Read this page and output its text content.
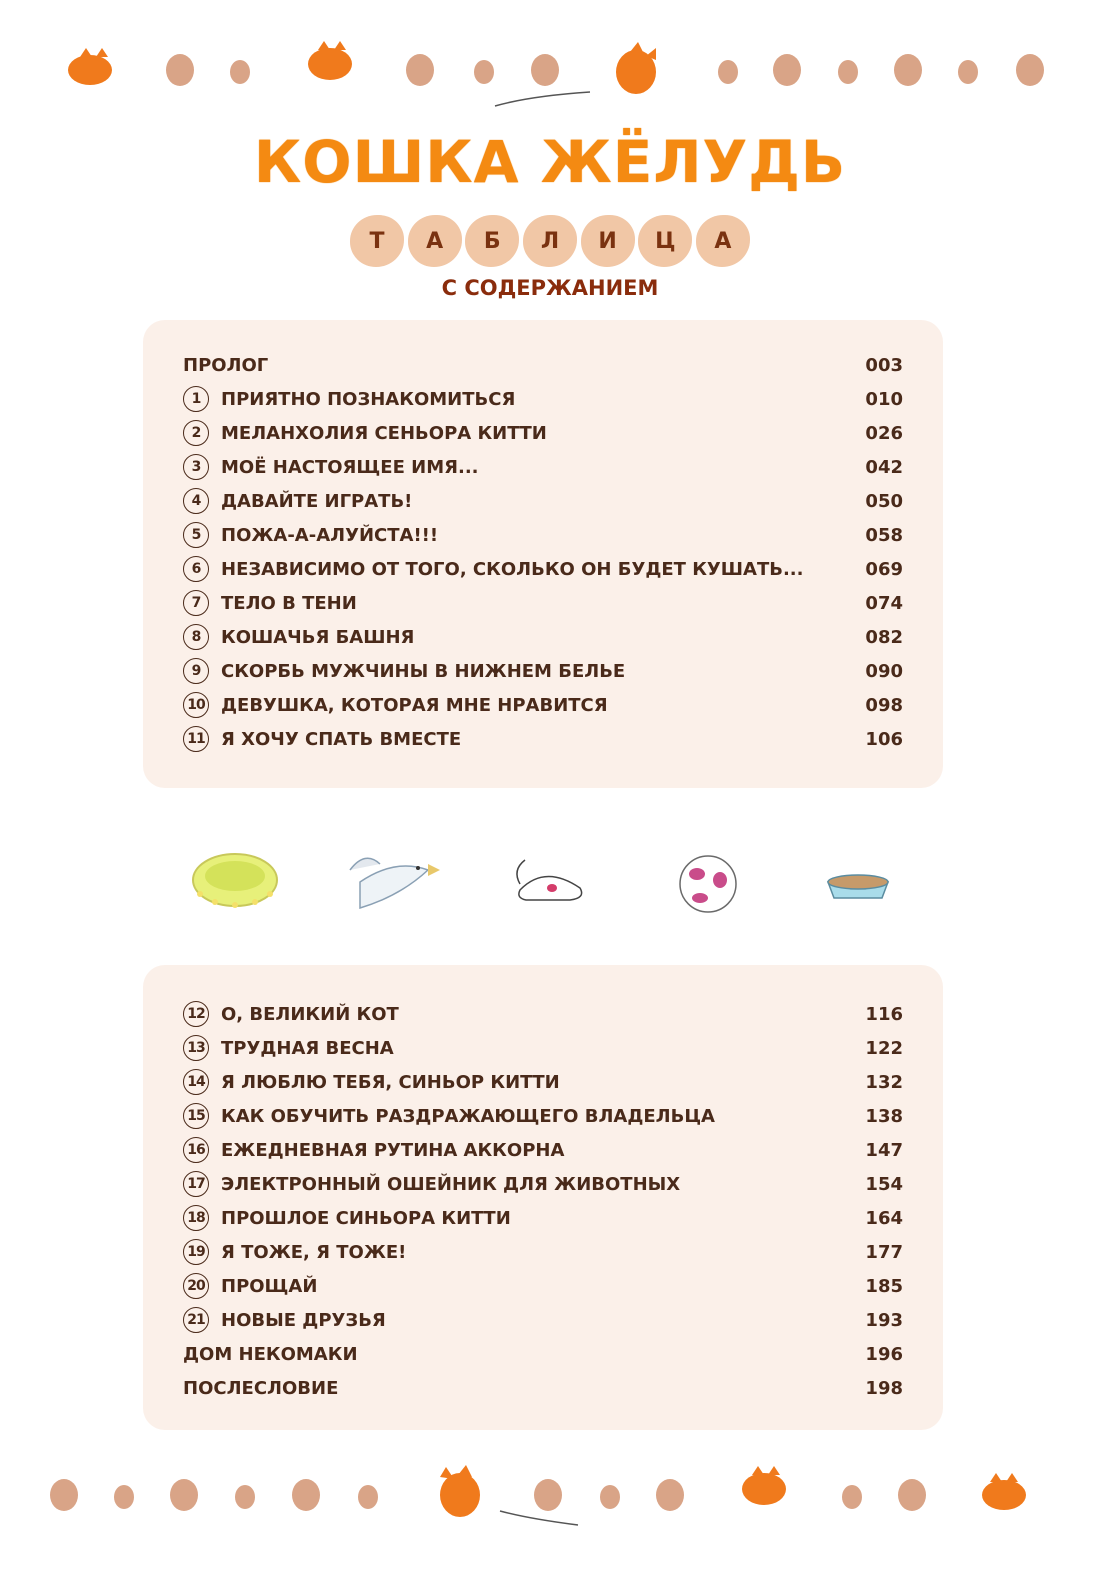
КОШКА ЖЁЛУДЬ
Т	А	Б	Л	И	Ц	А
С СОДЕРЖАНИЕМ
ПРОЛОГ	003
1	ПРИЯТНО ПОЗНАКОМИТЬСЯ	010
2	МЕЛАНХОЛИЯ СЕНЬОРА КИТТИ	026
3	МОЁ НАСТОЯЩЕЕ ИМЯ...	042
4	ДАВАЙТЕ ИГРАТЬ!	050
5	ПОЖА-А-АЛУЙСТА!!!	058
6	НЕЗАВИСИМО ОТ ТОГО, СКОЛЬКО ОН БУДЕТ КУШАТЬ...	069
7	ТЕЛО В ТЕНИ	074
8	КОШАЧЬЯ БАШНЯ	082
9	СКОРБЬ МУЖЧИНЫ В НИЖНЕМ БЕЛЬЕ	090
10 ДЕВУШКА, КОТОРАЯ МНЕ НРАВИТСЯ	098
11 Я ХОЧУ СПАТЬ ВМЕСТЕ	106
12 О, ВЕЛИКИЙ КОТ	116
13 ТРУДНАЯ ВЕСНА	122
14 Я ЛЮБЛЮ ТЕБЯ, СИНЬОР КИТТИ	132
15 КАК ОБУЧИТЬ РАЗДРАЖАЮЩЕГО ВЛАДЕЛЬЦА	138
16 ЕЖЕДНЕВНАЯ РУТИНА АККОРНА	147
17 ЭЛЕКТРОННЫЙ ОШЕЙНИК ДЛЯ ЖИВОТНЫХ	154
18 ПРОШЛОЕ СИНЬОРА КИТТИ	164
19 Я ТОЖЕ, Я ТОЖЕ!	177
20 ПРОЩАЙ	185
21 НОВЫЕ ДРУЗЬЯ	193
ДОМ НЕКОМАКИ	196
ПОСЛЕСЛОВИЕ	198
